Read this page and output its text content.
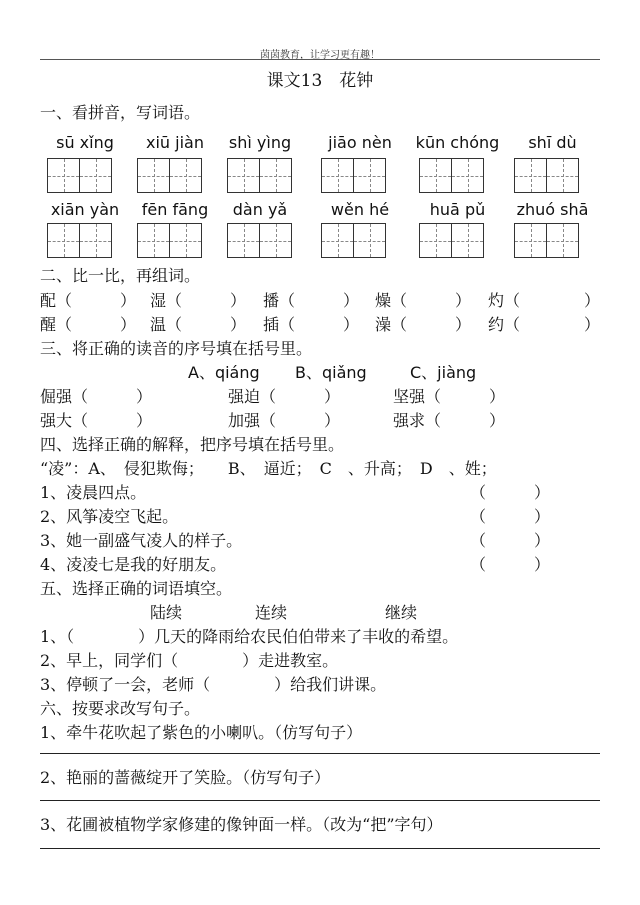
茵茵教育，让学习更有趣！
课文13　花钟
一、看拼音，写词语。
sū xǐng	xiū jiàn	shì yìng	jiāo nèn	kūn chóng	shī dù
xiān yàn	fēn fāng	dàn yǎ	wěn hé	huā pǔ	zhuó shā
二、比一比，再组词。
配（　　　） 湿（　　　） 播（　　　） 燥（　　　） 灼（　　　　）
醒（　　　） 温（　　　） 插（　　　） 澡（　　　） 约（　　　　）
三、将正确的读音的序号填在括号里。
A、qiáng B、qiǎng	C、jiàng
倔强（　　　）	强迫（　　　）	坚强（　　　）
强大（　　　）	加强（　　　）	强求（　　　）
四、选择正确的解释，把序号填在括号里。
“凌”：A、　侵犯欺侮；　　B、　逼近；　C　、升高；　D　、姓；
1、凌晨四点。	（　　　）
2、风筝凌空飞起。	（　　　）
3、她一副盛气凌人的样子。	（　　　）
4、凌凌七是我的好朋友。	（　　　）
五、选择正确的词语填空。
陆续	连续	继续
1、（　　　　）几天的降雨给农民伯伯带来了丰收的希望。
2、早上，同学们（　　　　）走进教室。
3、停顿了一会，老师（　　　　）给我们讲课。
六、按要求改写句子。
1、牵牛花吹起了紫色的小喇叭。（仿写句子）
2、艳丽的蔷薇绽开了笑脸。（仿写句子）
3、花圃被植物学家修建的像钟面一样。（改为“把”字句）
